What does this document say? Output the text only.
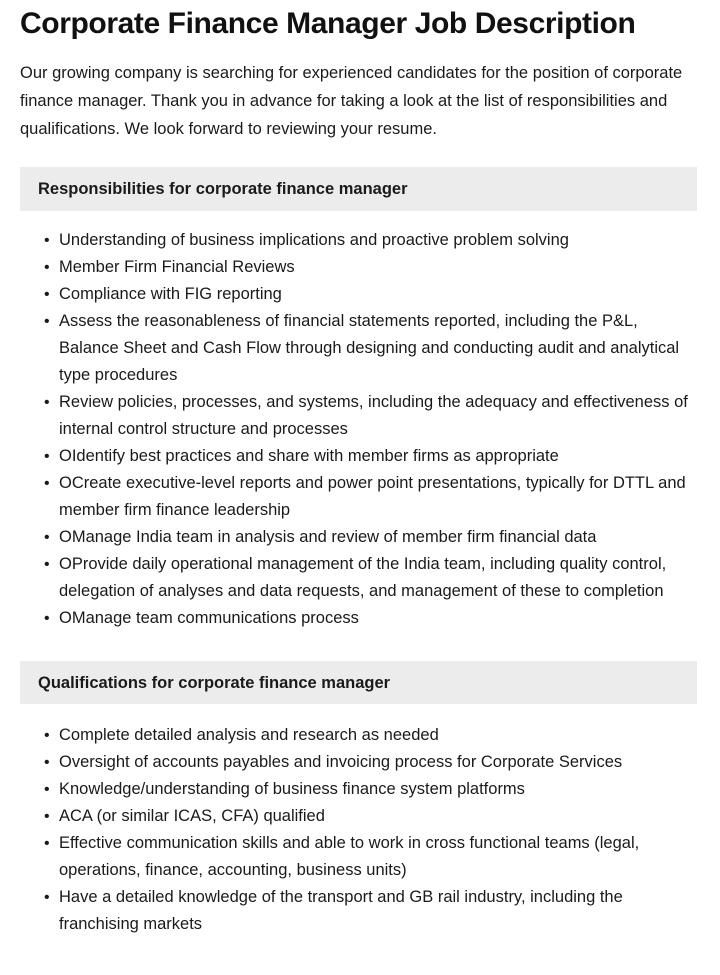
Corporate Finance Manager Job Description

Our growing company is searching for experienced candidates for the position of corporate finance manager. Thank you in advance for taking a look at the list of responsibilities and qualifications. We look forward to reviewing your resume.

Responsibilities for corporate finance manager
• Understanding of business implications and proactive problem solving
• Member Firm Financial Reviews
• Compliance with FIG reporting
• Assess the reasonableness of financial statements reported, including the P&L, Balance Sheet and Cash Flow through designing and conducting audit and analytical type procedures
• Review policies, processes, and systems, including the adequacy and effectiveness of internal control structure and processes
• OIdentify best practices and share with member firms as appropriate
• OCreate executive-level reports and power point presentations, typically for DTTL and member firm finance leadership
• OManage India team in analysis and review of member firm financial data
• OProvide daily operational management of the India team, including quality control, delegation of analyses and data requests, and management of these to completion
• OManage team communications process
Qualifications for corporate finance manager
• Complete detailed analysis and research as needed
• Oversight of accounts payables and invoicing process for Corporate Services
• Knowledge/understanding of business finance system platforms
• ACA (or similar ICAS, CFA) qualified
• Effective communication skills and able to work in cross functional teams (legal, operations, finance, accounting, business units)
• Have a detailed knowledge of the transport and GB rail industry, including the franchising markets
